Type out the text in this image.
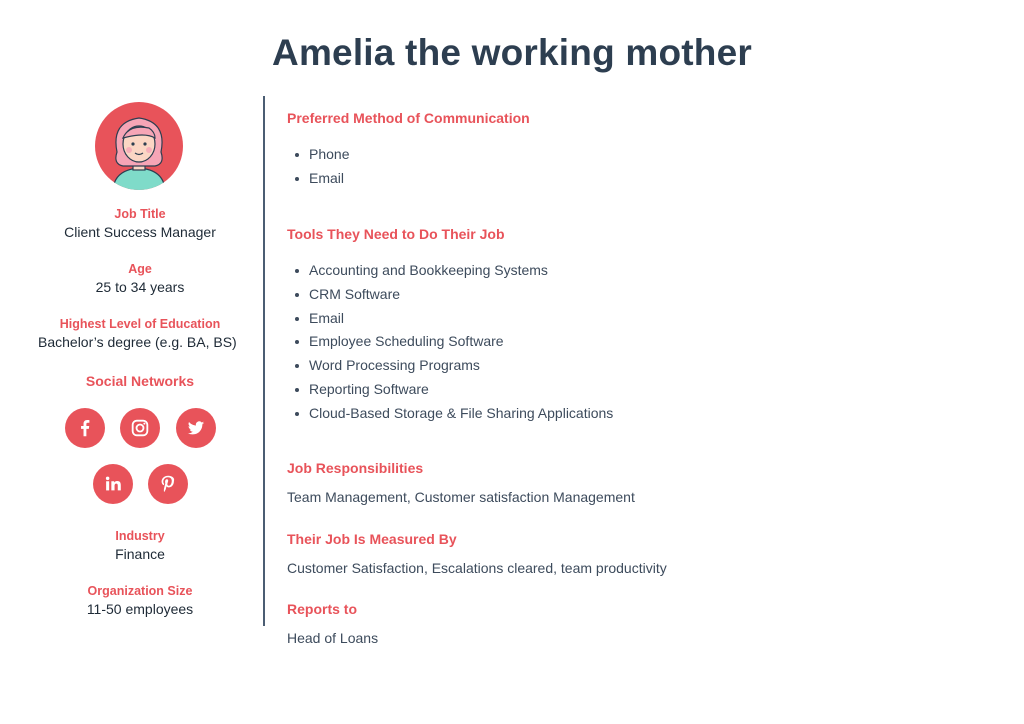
Amelia the working mother
Job Title
Client Success Manager
Age
25 to 34 years
Highest Level of Education
Bachelor’s degree (e.g. BA, BS)
Social Networks
Industry
Finance
Organization Size
11-50 employees
Preferred Method of Communication
Phone
Email
Tools They Need to Do Their Job
Accounting and Bookkeeping Systems
CRM Software
Email
Employee Scheduling Software
Word Processing Programs
Reporting Software
Cloud-Based Storage & File Sharing Applications
Job Responsibilities
Team Management, Customer satisfaction Management
Their Job Is Measured By
Customer Satisfaction, Escalations cleared, team productivity
Reports to
Head of Loans
